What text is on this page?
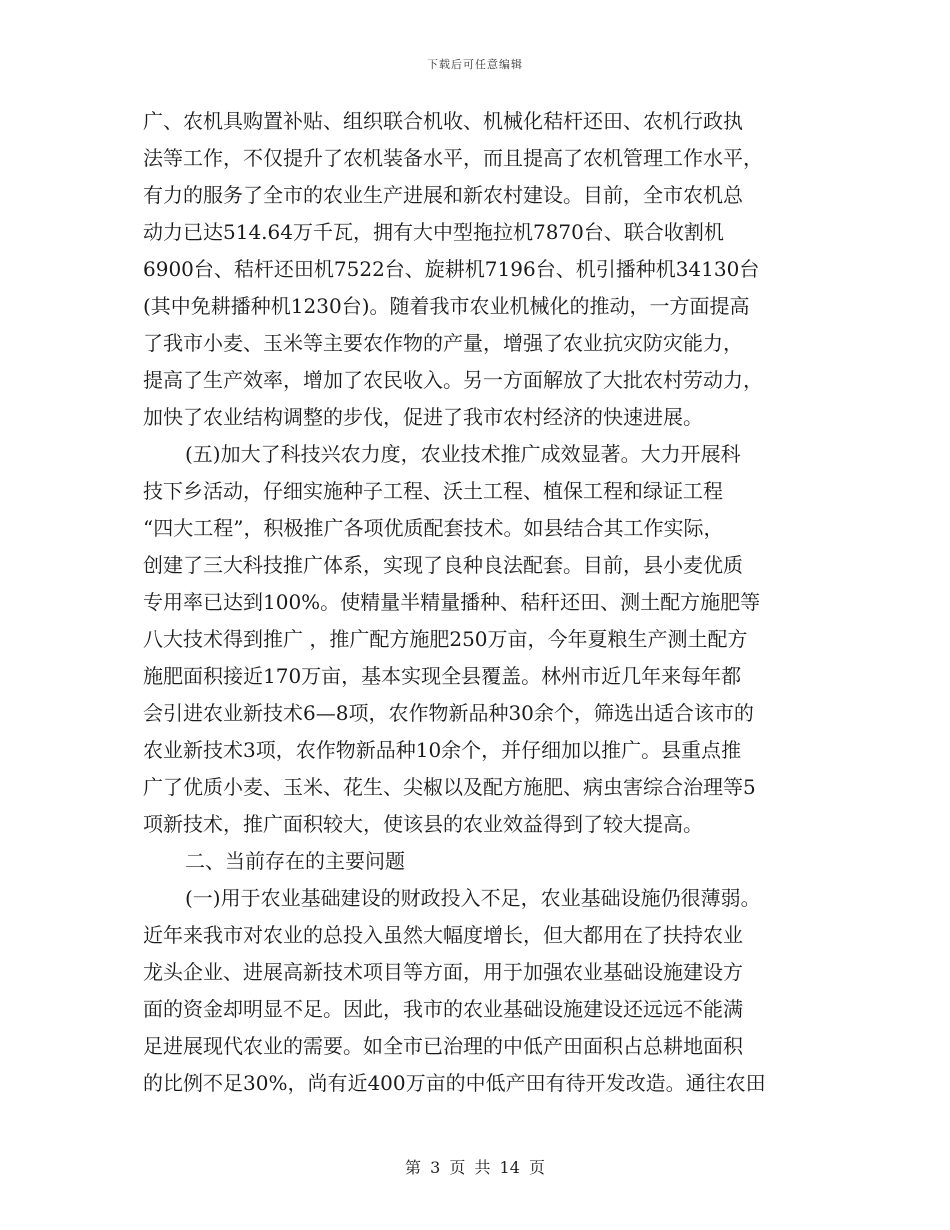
下载后可任意编辑
广、农机具购置补贴、组织联合机收、机械化秸杆还田、农机行政执
法等工作，不仅提升了农机装备水平，而且提高了农机管理工作水平，
有力的服务了全市的农业生产进展和新农村建设。目前，全市农机总
动力已达514.64万千瓦，拥有大中型拖拉机7870台、联合收割机
6900台、秸杆还田机7522台、旋耕机7196台、机引播种机34130台
(其中免耕播种机1230台)。随着我市农业机械化的推动，一方面提高
了我市小麦、玉米等主要农作物的产量，增强了农业抗灾防灾能力，
提高了生产效率，增加了农民收入。另一方面解放了大批农村劳动力，
加快了农业结构调整的步伐，促进了我市农村经济的快速进展。
(五)加大了科技兴农力度，农业技术推广成效显著。大力开展科
技下乡活动，仔细实施种子工程、沃土工程、植保工程和绿证工程
“四大工程”，积极推广各项优质配套技术。如县结合其工作实际，
创建了三大科技推广体系，实现了良种良法配套。目前，县小麦优质
专用率已达到100%。使精量半精量播种、秸秆还田、测土配方施肥等
八大技术得到推广 ，推广配方施肥250万亩，今年夏粮生产测土配方
施肥面积接近170万亩，基本实现全县覆盖。林州市近几年来每年都
会引进农业新技术6—8项，农作物新品种30余个，筛选出适合该市的
农业新技术3项，农作物新品种10余个，并仔细加以推广。县重点推
广了优质小麦、玉米、花生、尖椒以及配方施肥、病虫害综合治理等5
项新技术，推广面积较大，使该县的农业效益得到了较大提高。
二、当前存在的主要问题
(一)用于农业基础建设的财政投入不足，农业基础设施仍很薄弱。
近年来我市对农业的总投入虽然大幅度增长，但大都用在了扶持农业
龙头企业、进展高新技术项目等方面，用于加强农业基础设施建设方
面的资金却明显不足。因此，我市的农业基础设施建设还远远不能满
足进展现代农业的需要。如全市已治理的中低产田面积占总耕地面积
的比例不足30%，尚有近400万亩的中低产田有待开发改造。通往农田
第 3 页 共 14 页
